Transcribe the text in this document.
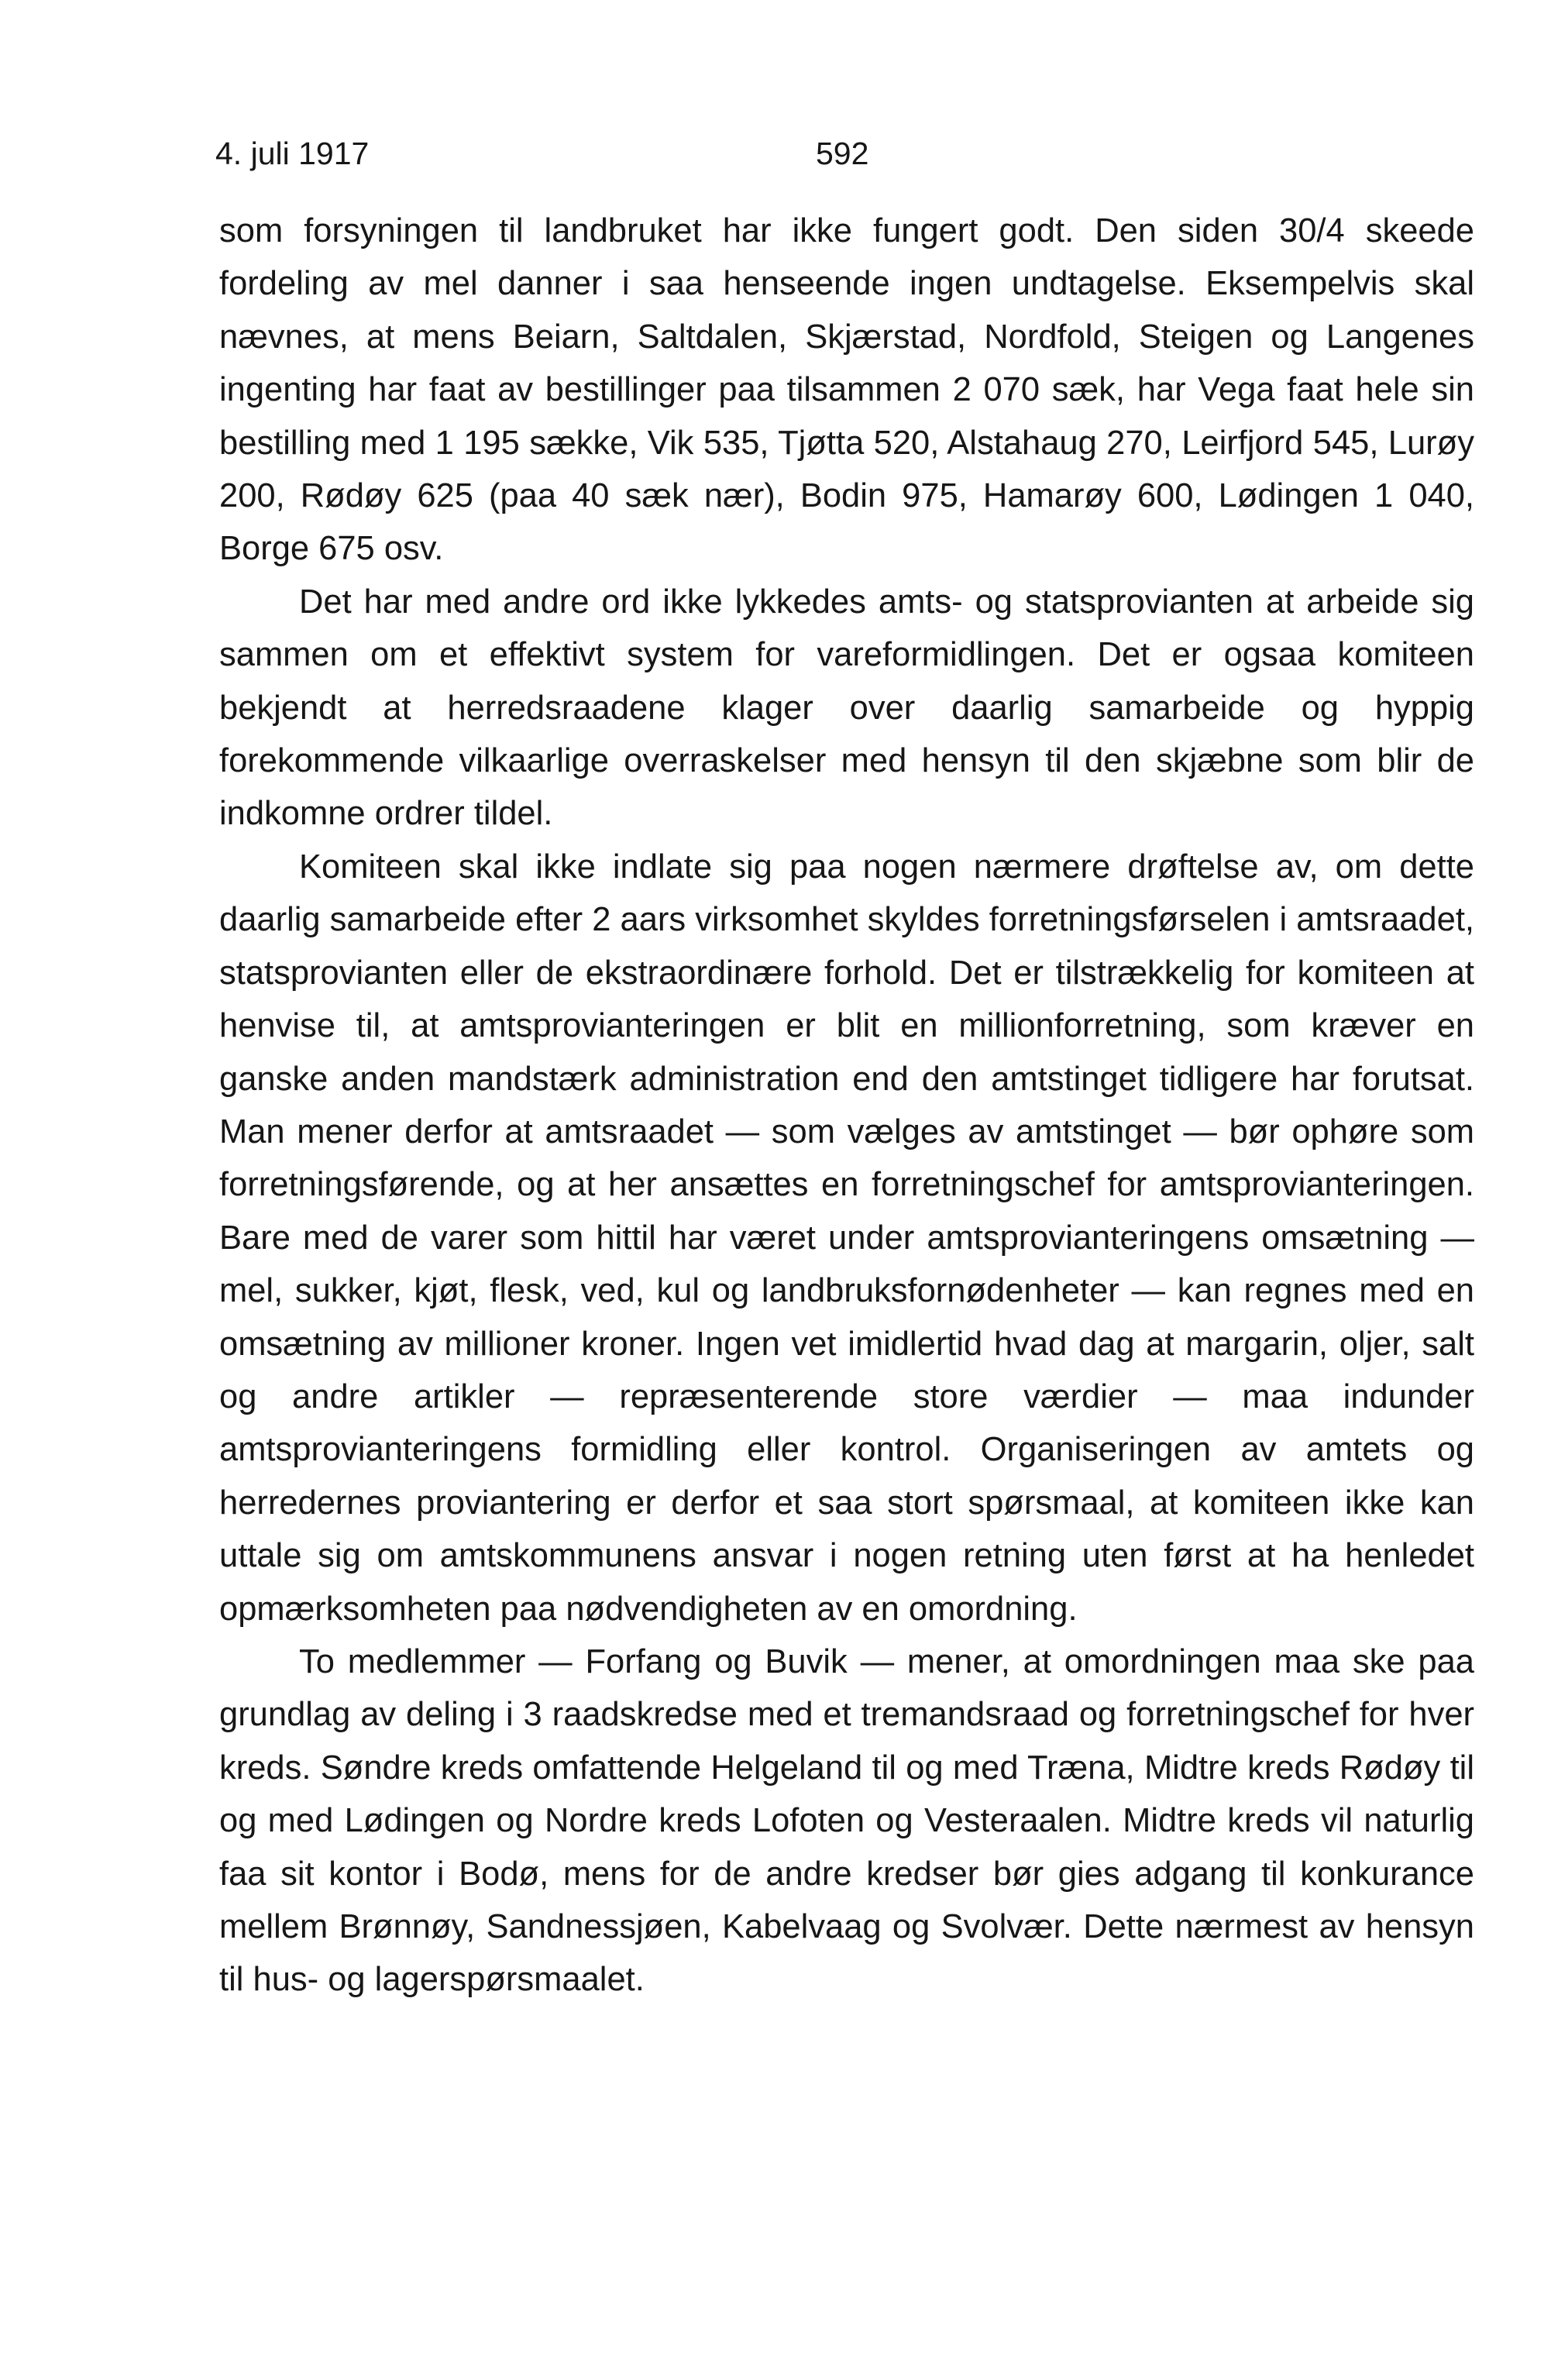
4. juli 1917	592

som forsyningen til landbruket har ikke fungert godt. Den siden 30/4 skeede fordeling av mel danner i saa henseende ingen undtagelse. Eksempelvis skal nævnes, at mens Beiarn, Saltdalen, Skjærstad, Nordfold, Steigen og Langenes ingenting har faat av bestillinger paa tilsammen 2 070 sæk, har Vega faat hele sin bestilling med 1 195 sække, Vik 535, Tjøtta 520, Alstahaug 270, Leirfjord 545, Lurøy 200, Rødøy 625 (paa 40 sæk nær), Bodin 975, Hamarøy 600, Lødingen 1 040, Borge 675 osv.

Det har med andre ord ikke lykkedes amts- og statsprovianten at arbeide sig sammen om et effektivt system for vareformidlingen. Det er ogsaa komiteen bekjendt at herredsraadene klager over daarlig samarbeide og hyppig forekommende vilkaarlige overraskelser med hensyn til den skjæbne som blir de indkomne ordrer tildel.

Komiteen skal ikke indlate sig paa nogen nærmere drøftelse av, om dette daarlig samarbeide efter 2 aars virksomhet skyldes forretningsførselen i amtsraadet, statsprovianten eller de ekstraordinære forhold. Det er tilstrækkelig for komiteen at henvise til, at amtsprovianteringen er blit en millionforretning, som kræver en ganske anden mandstærk administration end den amtstinget tidligere har forutsat. Man mener derfor at amtsraadet — som vælges av amtstinget — bør ophøre som forretningsførende, og at her ansættes en forretningschef for amtsprovianteringen. Bare med de varer som hittil har været under amtsprovianteringens omsætning — mel, sukker, kjøt, flesk, ved, kul og landbruksfornødenheter — kan regnes med en omsætning av millioner kroner. Ingen vet imidlertid hvad dag at margarin, oljer, salt og andre artikler — repræsenterende store værdier — maa indunder amtsprovianteringens formidling eller kontrol. Organiseringen av amtets og herredernes proviantering er derfor et saa stort spørsmaal, at komiteen ikke kan uttale sig om amtskommunens ansvar i nogen retning uten først at ha henledet opmærksomheten paa nødvendigheten av en omordning.

To medlemmer — Forfang og Buvik — mener, at omordningen maa ske paa grundlag av deling i 3 raadskredse med et tremandsraad og forretningschef for hver kreds. Søndre kreds omfattende Helgeland til og med Træna, Midtre kreds Rødøy til og med Lødingen og Nordre kreds Lofoten og Vesteraalen. Midtre kreds vil naturlig faa sit kontor i Bodø, mens for de andre kredser bør gies adgang til konkurance mellem Brønnøy, Sandnessjøen, Kabelvaag og Svolvær. Dette nærmest av hensyn til hus- og lagerspørsmaalet.
